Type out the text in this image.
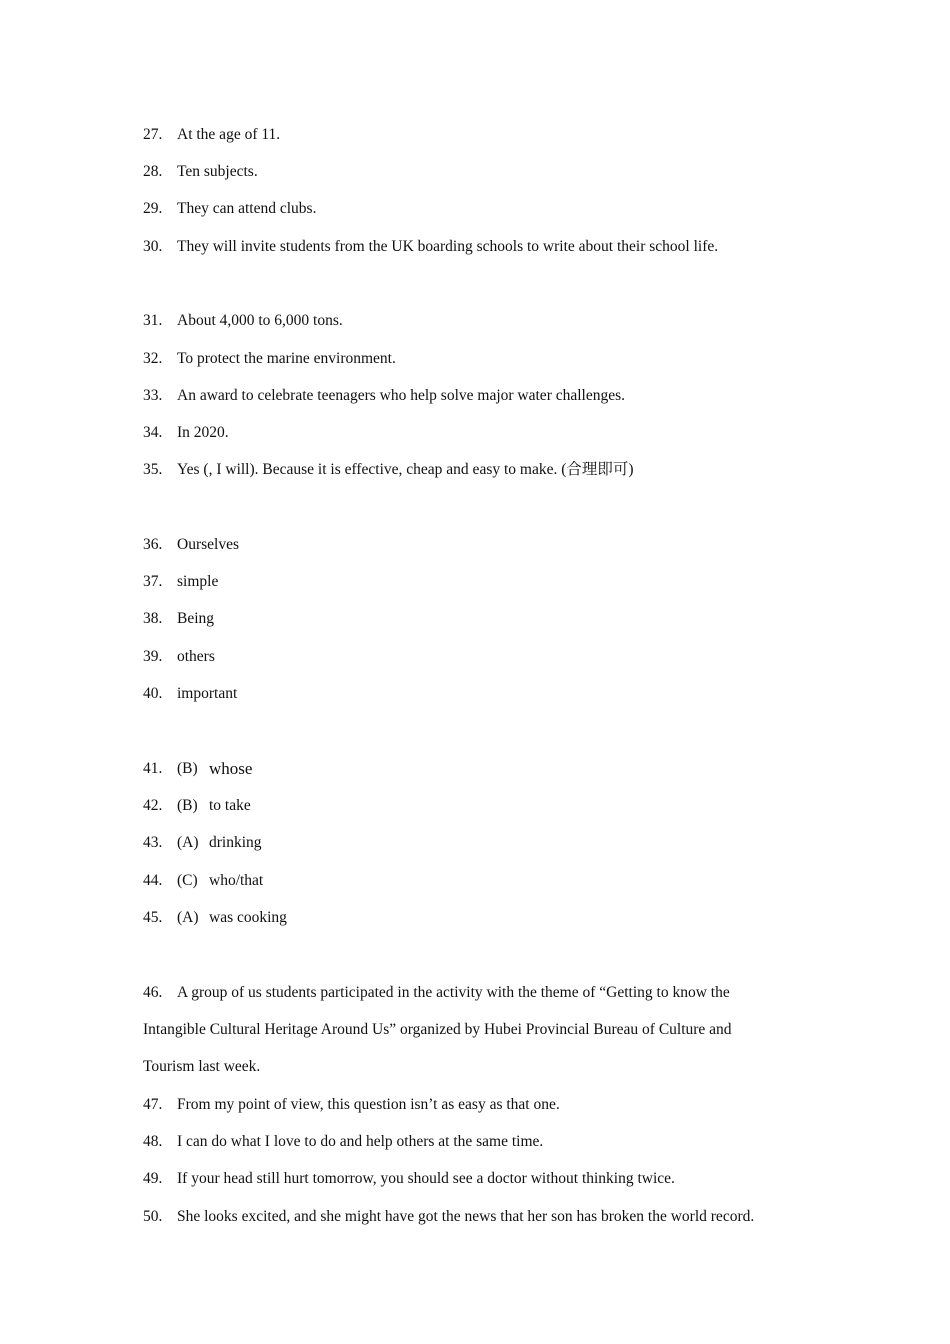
27. At the age of 11.
28. Ten subjects.
29. They can attend clubs.
30. They will invite students from the UK boarding schools to write about their school life.
31. About 4,000 to 6,000 tons.
32. To protect the marine environment.
33. An award to celebrate teenagers who help solve major water challenges.
34. In 2020.
35. Yes (, I will). Because it is effective, cheap and easy to make. (合理即可)
36. Ourselves
37. simple
38. Being
39. others
40. important
41. (B) whose
42. (B) to take
43. (A) drinking
44. (C) who/that
45. (A) was cooking
46. A group of us students participated in the activity with the theme of “Getting to know the
Intangible Cultural Heritage Around Us” organized by Hubei Provincial Bureau of Culture and
Tourism last week.
47. From my point of view, this question isn’t as easy as that one.
48. I can do what I love to do and help others at the same time.
49. If your head still hurt tomorrow, you should see a doctor without thinking twice.
50. She looks excited, and she might have got the news that her son has broken the world record.
